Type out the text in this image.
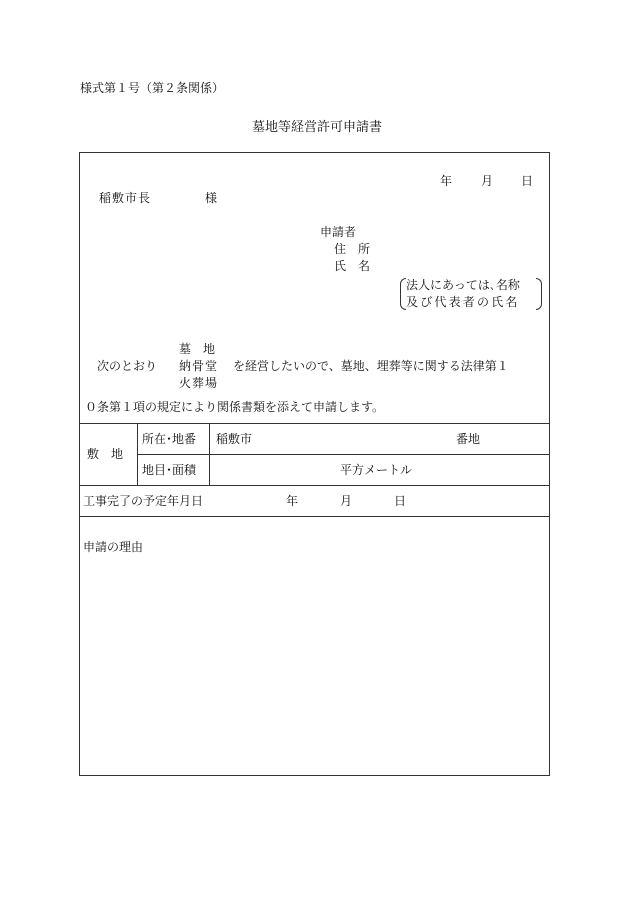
様式第１号（第２条関係）
墓地等経営許可申請書
年 月 日
稲敷市長	様
申請者
住　所
氏　名
法人にあっては､名称
及び代表者の氏名
墓　地
次のとおり 納骨堂 を経営したいので、墓地、埋葬等に関する法律第１
火葬場
０条第１項の規定により関係書類を添えて申請します。
敷　地
所在･地番 稲敷市	番地
地目･面積	平方メートル
工事完了の予定年月日	年	月	日
申請の理由
